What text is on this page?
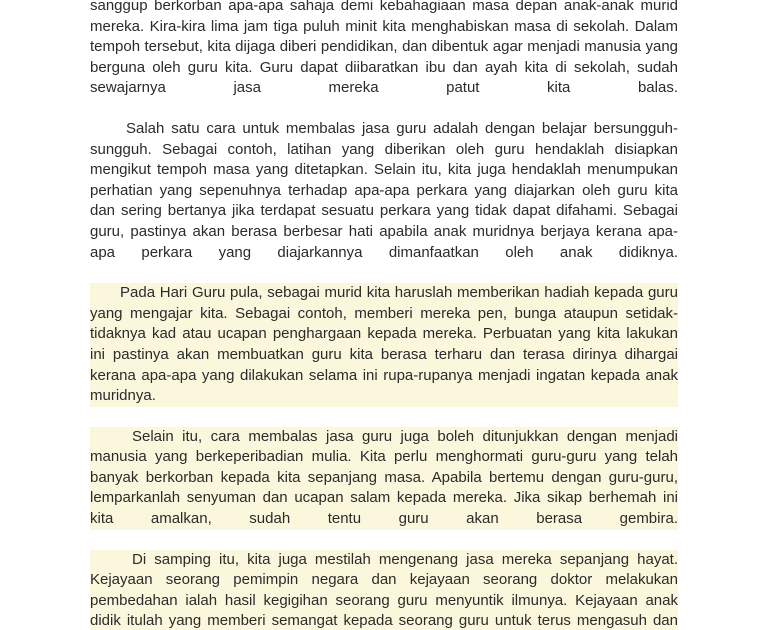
sanggup berkorban apa-apa sahaja demi kebahagiaan masa depan anak-anak murid
mereka. Kira-kira lima jam tiga puluh minit kita menghabiskan masa di sekolah. Dalam
tempoh tersebut, kita dijaga diberi pendidikan, dan dibentuk agar menjadi manusia yang
berguna oleh guru kita. Guru dapat diibaratkan ibu dan ayah kita di sekolah, sudah
sewajarnya jasa mereka patut kita balas.
Salah satu cara untuk membalas jasa guru adalah dengan belajar bersungguh-
sungguh. Sebagai contoh, latihan yang diberikan oleh guru hendaklah disiapkan
mengikut tempoh masa yang ditetapkan. Selain itu, kita juga hendaklah menumpukan
perhatian yang sepenuhnya terhadap apa-apa perkara yang diajarkan oleh guru kita
dan sering bertanya jika terdapat sesuatu perkara yang tidak dapat difahami. Sebagai
guru, pastinya akan berasa berbesar hati apabila anak muridnya berjaya kerana apa-
apa perkara yang diajarkannya dimanfaatkan oleh anak didiknya.
Pada Hari Guru pula, sebagai murid kita haruslah memberikan hadiah kepada guru
yang mengajar kita. Sebagai contoh, memberi mereka pen, bunga ataupun setidak-
tidaknya kad atau ucapan penghargaan kepada mereka. Perbuatan yang kita lakukan
ini pastinya akan membuatkan guru kita berasa terharu dan terasa dirinya dihargai
kerana apa-apa yang dilakukan selama ini rupa-rupanya menjadi ingatan kepada anak
muridnya.
Selain itu, cara membalas jasa guru juga boleh ditunjukkan dengan menjadi
manusia yang berkeperibadian mulia. Kita perlu menghormati guru-guru yang telah
banyak berkorban kepada kita sepanjang masa. Apabila bertemu dengan guru-guru,
lemparkanlah senyuman dan ucapan salam kepada mereka. Jika sikap berhemah ini
kita amalkan, sudah tentu guru akan berasa gembira.
Di samping itu, kita juga mestilah mengenang jasa mereka sepanjang hayat.
Kejayaan seorang pemimpin negara dan kejayaan seorang doktor melakukan
pembedahan ialah hasil kegigihan seorang guru menyuntik ilmunya. Kejayaan anak
didik itulah yang memberi semangat kepada seorang guru untuk terus mengasuh dan
